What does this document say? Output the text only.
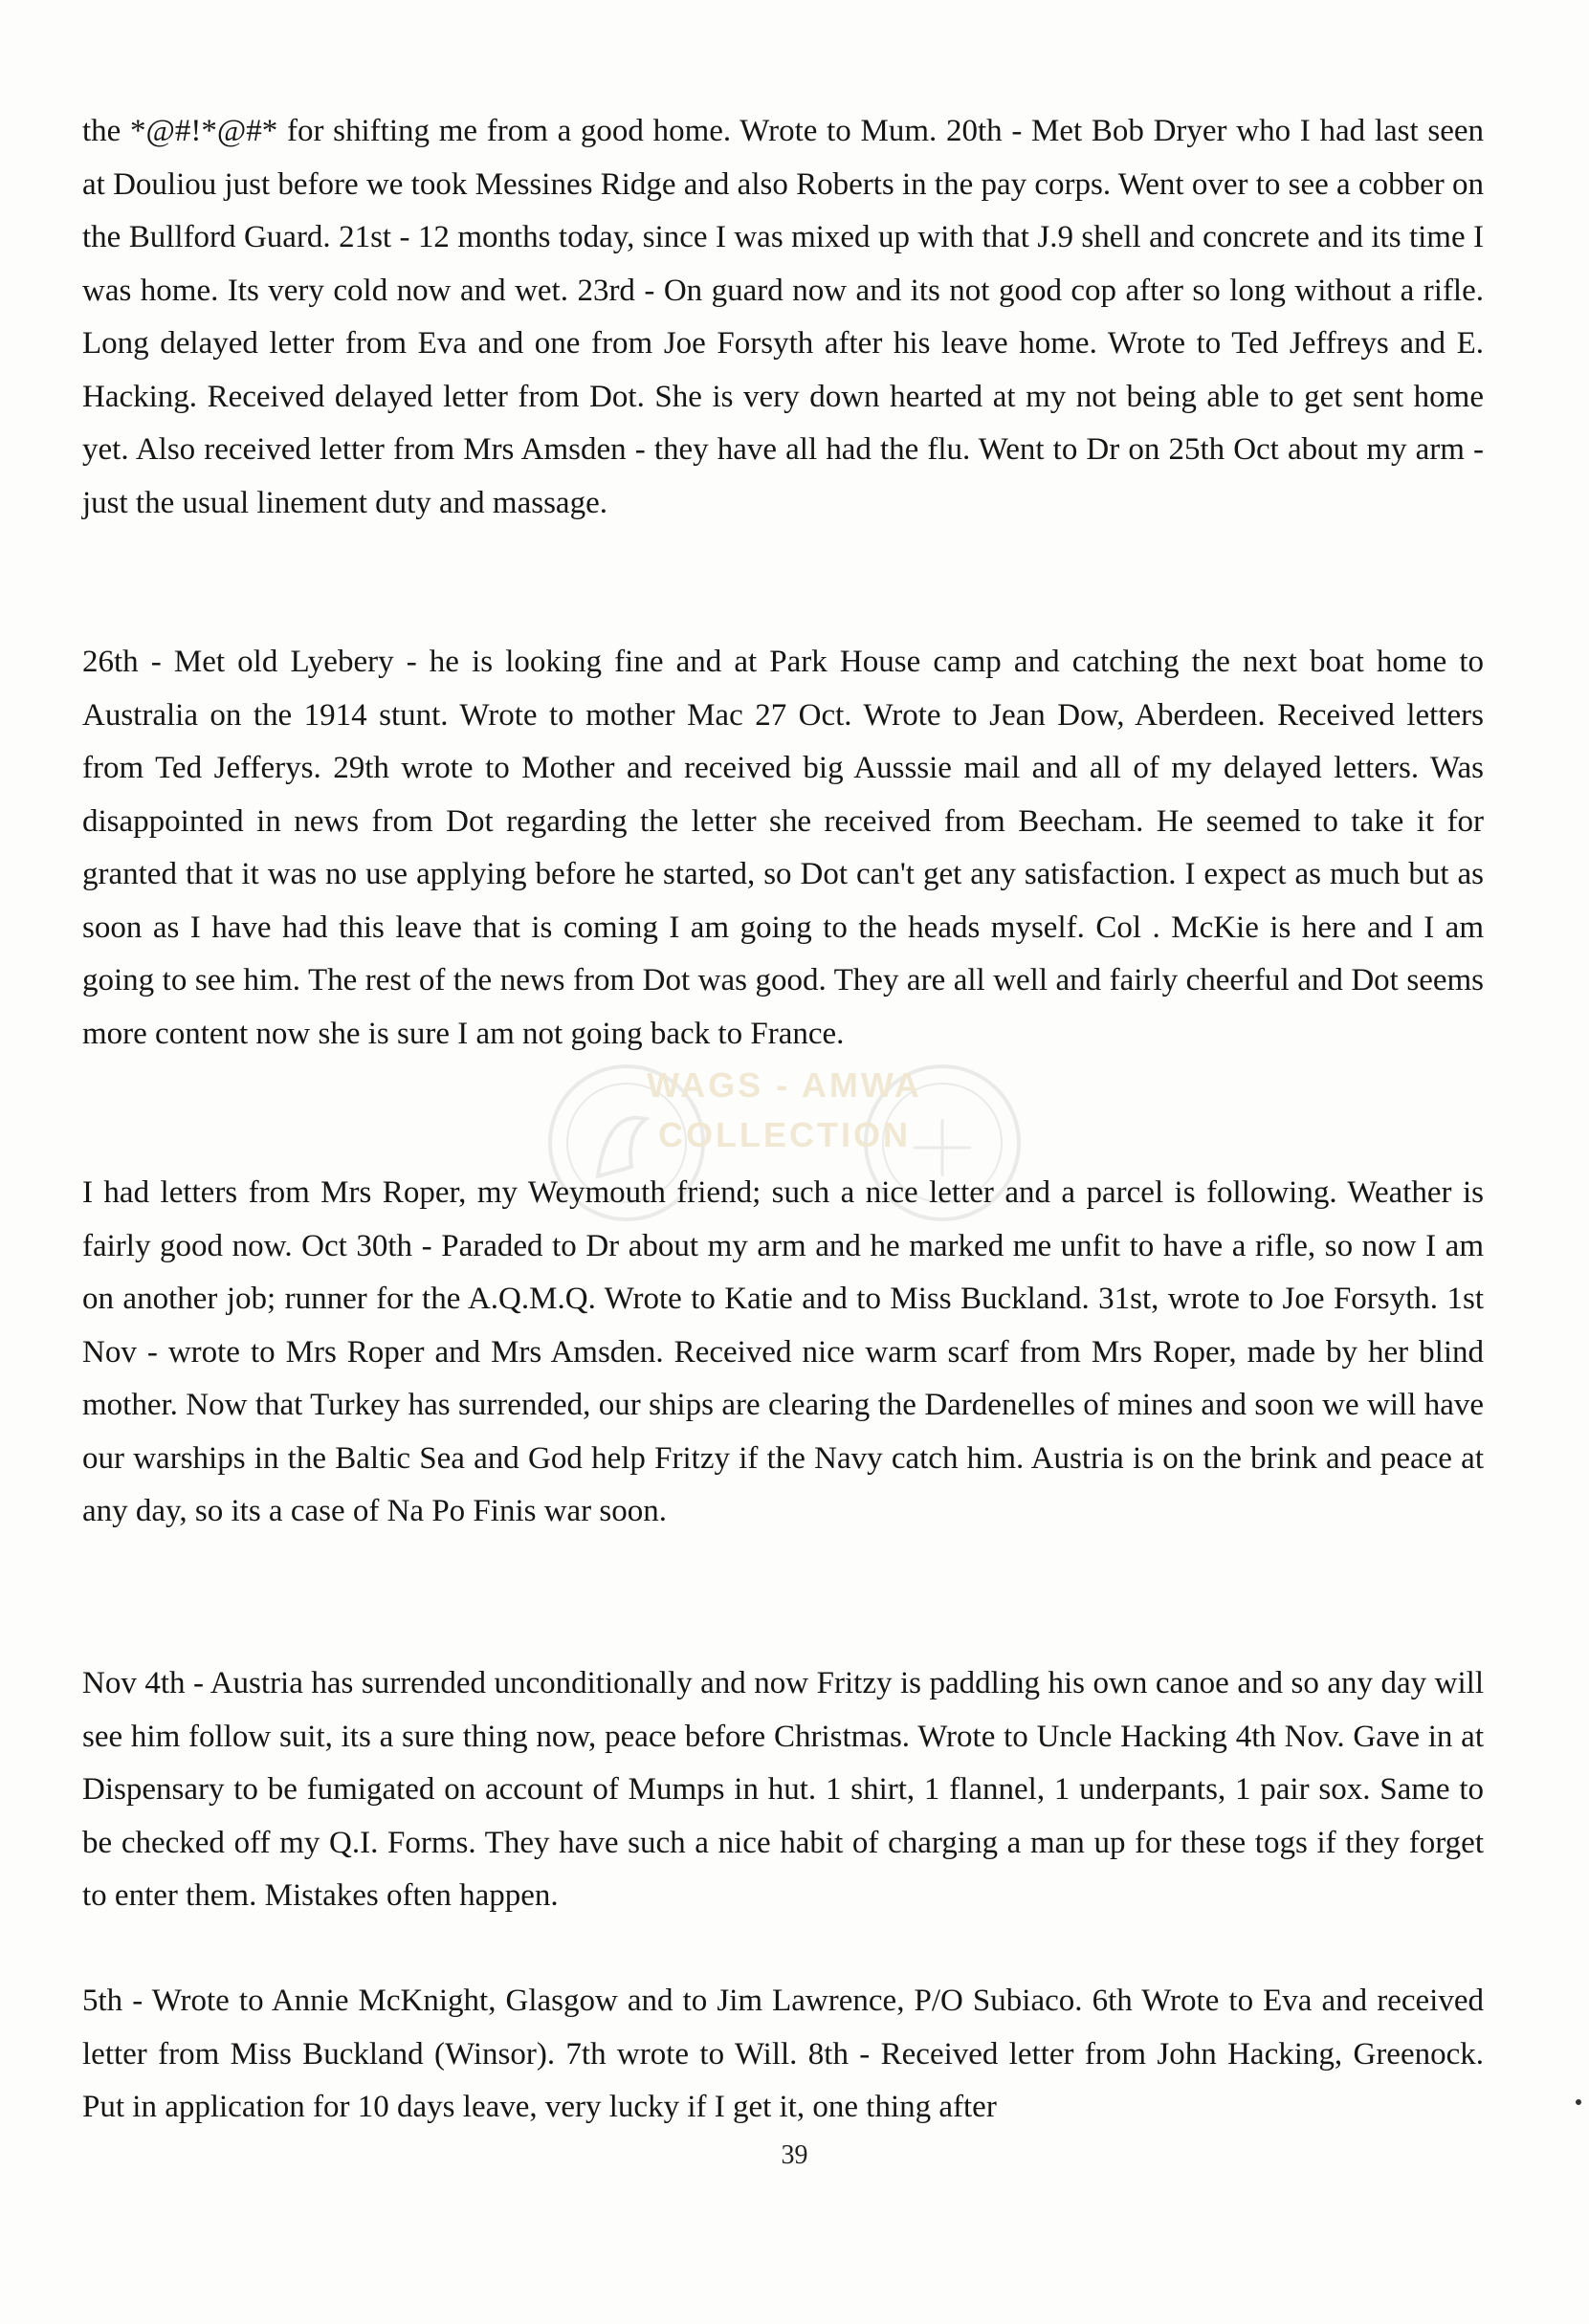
WAGS - AMWA
COLLECTION

the *@#!*@#* for shifting me from a good home. Wrote to Mum. 20th - Met Bob Dryer who I had last seen at Douliou just before we took Messines Ridge and also Roberts in the pay corps. Went over to see a cobber on the Bullford Guard. 21st - 12 months today, since I was mixed up with that J.9 shell and concrete and its time I was home. Its very cold now and wet. 23rd - On guard now and its not good cop after so long without a rifle. Long delayed letter from Eva and one from Joe Forsyth after his leave home. Wrote to Ted Jeffreys and E. Hacking. Received delayed letter from Dot. She is very down hearted at my not being able to get sent home yet. Also received letter from Mrs Amsden - they have all had the flu. Went to Dr on 25th Oct about my arm - just the usual linement duty and massage.

26th - Met old Lyebery - he is looking fine and at Park House camp and catching the next boat home to Australia on the 1914 stunt. Wrote to mother Mac 27 Oct. Wrote to Jean Dow, Aberdeen. Received letters from Ted Jefferys. 29th wrote to Mother and received big Ausssie mail and all of my delayed letters. Was disappointed in news from Dot regarding the letter she received from Beecham. He seemed to take it for granted that it was no use applying before he started, so Dot can't get any satisfaction. I expect as much but as soon as I have had this leave that is coming I am going to the heads myself. Col . McKie is here and I am going to see him. The rest of the news from Dot was good. They are all well and fairly cheerful and Dot seems more content now she is sure I am not going back to France.

I had letters from Mrs Roper, my Weymouth friend; such a nice letter and a parcel is following. Weather is fairly good now. Oct 30th - Paraded to Dr about my arm and he marked me unfit to have a rifle, so now I am on another job; runner for the A.Q.M.Q. Wrote to Katie and to Miss Buckland. 31st, wrote to Joe Forsyth. 1st Nov - wrote to Mrs Roper and Mrs Amsden. Received nice warm scarf from Mrs Roper, made by her blind mother. Now that Turkey has surrended, our ships are clearing the Dardenelles of mines and soon we will have our warships in the Baltic Sea and God help Fritzy if the Navy catch him. Austria is on the brink and peace at any day, so its a case of Na Po Finis war soon.

Nov 4th - Austria has surrended unconditionally and now Fritzy is paddling his own canoe and so any day will see him follow suit, its a sure thing now, peace before Christmas. Wrote to Uncle Hacking 4th Nov. Gave in at Dispensary to be fumigated on account of Mumps in hut. 1 shirt, 1 flannel, 1 underpants, 1 pair sox. Same to be checked off my Q.I. Forms. They have such a nice habit of charging a man up for these togs if they forget to enter them. Mistakes often happen.

5th - Wrote to Annie McKnight, Glasgow and to Jim Lawrence, P/O Subiaco. 6th Wrote to Eva and received letter from Miss Buckland (Winsor). 7th wrote to Will. 8th - Received letter from John Hacking, Greenock. Put in application for 10 days leave, very lucky if I get it, one thing after

39
